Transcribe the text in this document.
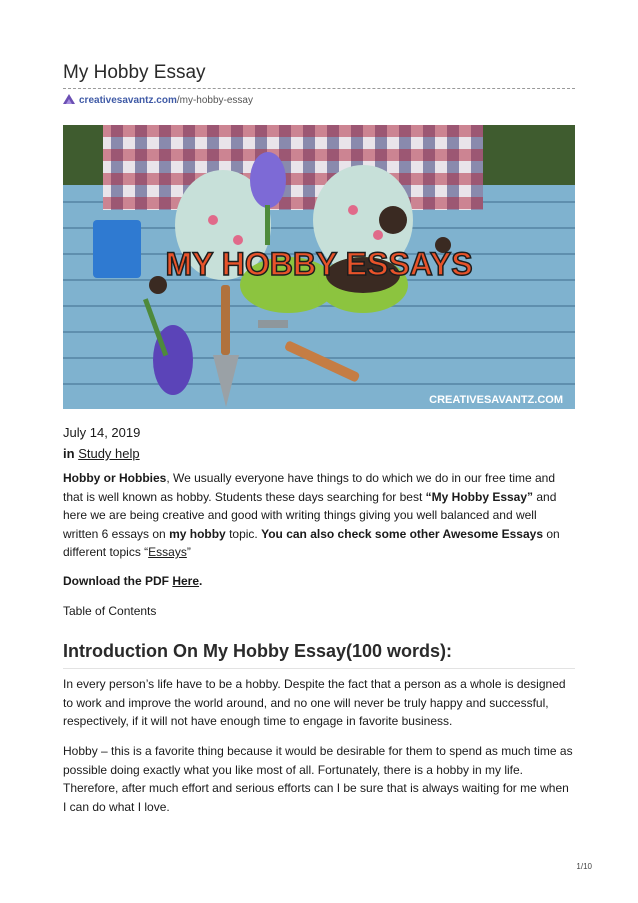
My Hobby Essay
creativesavantz.com /my-hobby-essay
MY HOBBY ESSAYS
CREATIVESAVANTZ.COM
July 14, 2019
in Study help

Hobby or Hobbies, We usually everyone have things to do which we do in our free time and that is well known as hobby. Students these days searching for best “My Hobby Essay” and here we are being creative and good with writing things giving you well balanced and well written 6 essays on my hobby topic. You can also check some other Awesome Essays on different topics “Essays”

Download the PDF Here.

Table of Contents

Introduction On My Hobby Essay(100 words):

In every person’s life have to be a hobby. Despite the fact that a person as a whole is designed to work and improve the world around, and no one will never be truly happy and successful, respectively, if it will not have enough time to engage in favorite business.

Hobby – this is a favorite thing because it would be desirable for them to spend as much time as possible doing exactly what you like most of all. Fortunately, there is a hobby in my life. Therefore, after much effort and serious efforts can I be sure that is always waiting for me when I can do what I love.

1/10
